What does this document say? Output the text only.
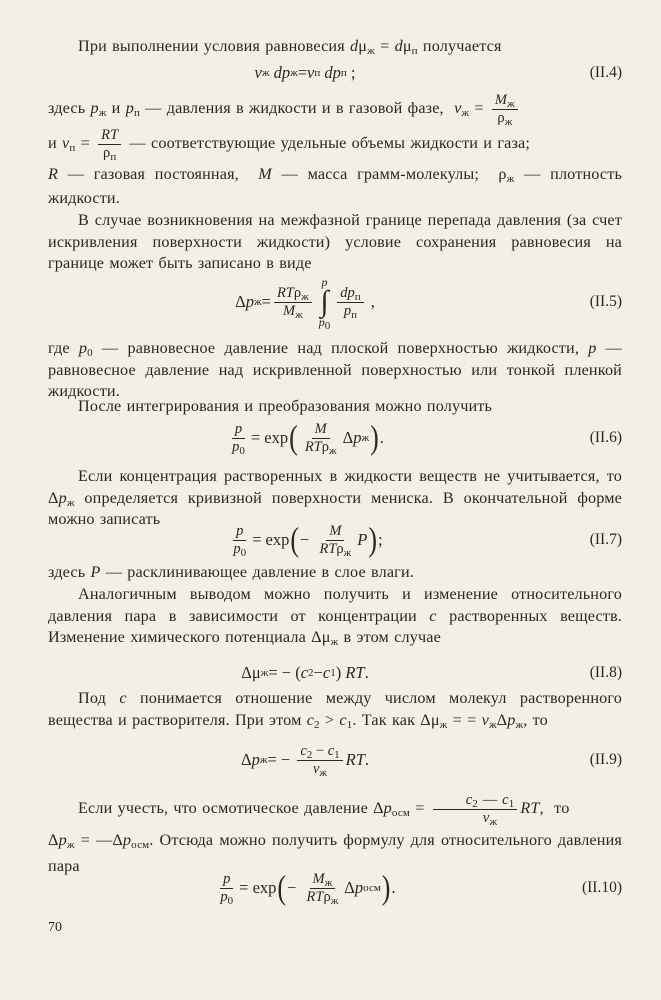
При выполнении условия равновесия $d\mu_ж = d\mu_п$ получается
v ж
dp ж = v п
dp п ;	(II.4)
здесь $p_ж$ и $p_п$ — давления в жидкости и в газовой фазе,  $v_ж = \frac{M_ж}{\rho_ж}$

и $v_п = \frac{RT}{\rho_п}$ — соответствующие удельные объемы жидкости и газа;
R — газовая постоянная,  M — масса грамм-молекулы;  $\rho_ж$ — плотность жидкости.
В случае возникновения на межфазной границе перепада давления (за счет искривления поверхности жидкости) условие сохранения равновесия на границе может быть записано в виде
Δ p $ж = \frac{RT\rho_ж}{M_ж}$
p
∫
$p_0$
$\frac{dp_п}{p_п}$ ,	(II.5)
где $p_0$ — равновесное давление над плоской поверхностью жидкости, p — равновесное давление над искривленной поверхностью или тонкой пленкой жидкости.
После интегрирования и преобразования можно получить
$\frac{p}{p_0} = \exp$ ( $\frac{M}{RT\rho_ж}$ Δ p ж ) .	(II.6)
Если концентрация растворенных в жидкости веществ не учитывается, то $\Delta p_ж$ определяется кривизной поверхности мениска. В окончательной форме можно записать
$\frac{p}{p_0} = \exp$ ( − $\frac{M}{RT\rho_ж}$ P ) ;	(II.7)
здесь P — расклинивающее давление в слое влаги.
Аналогичным выводом можно получить и изменение относительного давления пара в зависимости от концентрации c растворенных веществ. Изменение химического потенциала $\Delta\mu_ж$ в этом случае
Δμ ж = − ( c 2 − c 1 ) RT .	(II.8)
Под c понимается отношение между числом молекул растворенного вещества и растворителя. При этом $c_2 > c_1$. Так как $\Delta\mu_ж$ = = $v_ж\Delta p_ж$, то
Δ p ж = − $\frac{c_2 - c_1}{v_ж}$ RT .	(II.9)
Если учесть, что осмотическое давление $\Delta p_{осм} = \frac{c_2 — c_1}{v_ж}$ RT,  то
$\Delta p_ж$ = $—\Delta p_{осм}$. Отсюда можно получить формулу для относительного давления пара
$\frac{p}{p_0} = \exp$ ( − $\frac{M_ж}{RT\rho_ж}$ Δ p осм ) .	(II.10)
70
